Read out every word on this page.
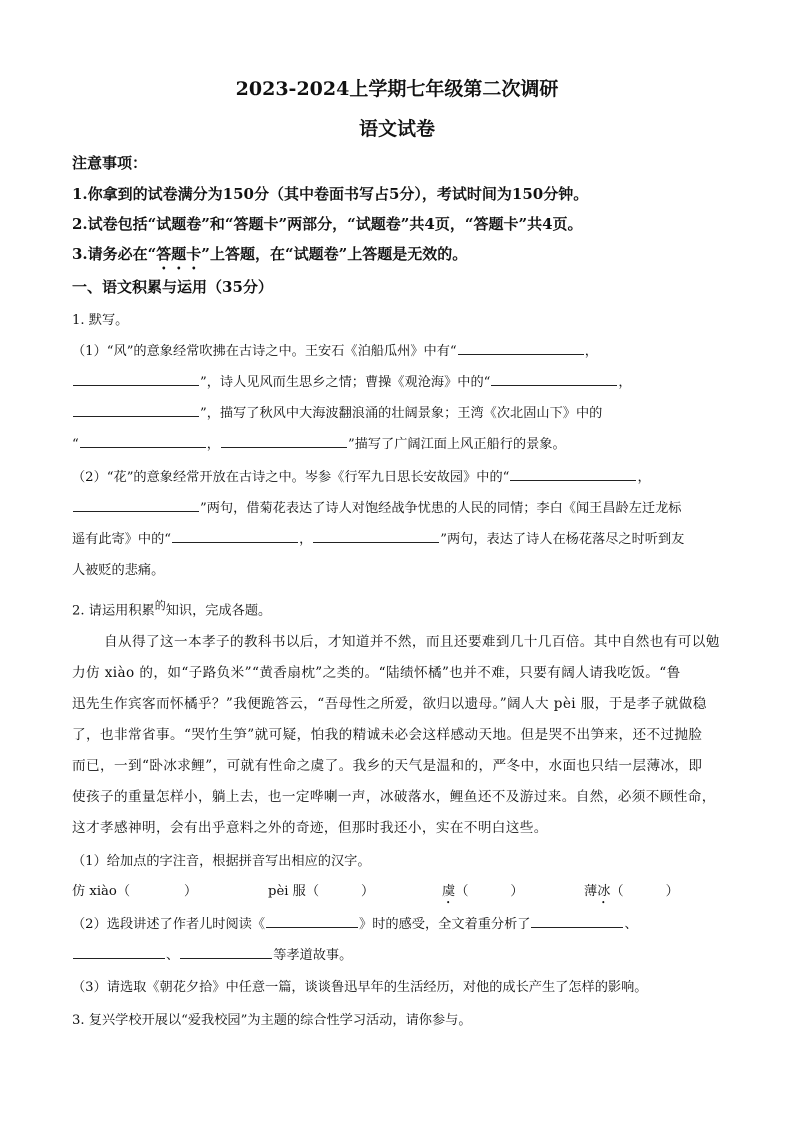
2023-2024上学期七年级第二次调研
语文试卷
注意事项：
1.你拿到的试卷满分为150分（其中卷面书写占5分），考试时间为150分钟。
2.试卷包括“试题卷”和“答题卡”两部分，“试题卷”共4页，“答题卡”共4页。
3.请务必在“答题卡”上答题，在“试题卷”上答题是无效的。
一、语文积累与运用（35分）
1. 默写。
（1）“风”的意象经常吹拂在古诗之中。王安石《泊船瓜州》中有“	，
”，诗人见风而生思乡之情；曹操《观沧海》中的“	，
”，描写了秋风中大海波翻浪涌的壮阔景象；王湾《次北固山下》中的
“	，	”描写了广阔江面上风正船行的景象。
（2）“花”的意象经常开放在古诗之中。岑参《行军九日思长安故园》中的“	，
”两句，借菊花表达了诗人对饱经战争忧患的人民的同情；李白《闻王昌龄左迁龙标
遥有此寄》中的“	，	”两句，表达了诗人在杨花落尽之时听到友
人被贬的悲痛。
2. 请运用积累$^的$知识，完成各题。
自从得了这一本孝子的教科书以后，才知道并不然，而且还要难到几十几百倍。其中自然也有可以勉
力仿 xiào 的，如“子路负米”“黄香扇枕”之类的。“陆绩怀橘”也并不难，只要有阔人请我吃饭。“鲁
迅先生作宾客而怀橘乎？”我便跪答云，“吾母性之所爱，欲归以遗母。”阔人大 pèi 服，于是孝子就做稳
了，也非常省事。“哭竹生笋”就可疑，怕我的精诚未必会这样感动天地。但是哭不出笋来，还不过抛脸
而已，一到“卧冰求鲤”，可就有性命之虞了。我乡的天气是温和的，严冬中，水面也只结一层薄冰，即
使孩子的重量怎样小，躺上去，也一定哗喇一声，冰破落水，鲤鱼还不及游过来。自然，必须不顾性命，
这才孝感神明，会有出乎意料之外的奇迹，但那时我还小，实在不明白这些。
（1）给加点的字注音，根据拼音写出相应的汉字。
仿 xiào（	）	pèi 服（	）	虞（	）	薄冰（	）
（2）选段讲述了作者儿时阅读《	》时的感受，全文着重分析了	、
、	等孝道故事。
（3）请选取《朝花夕拾》中任意一篇，谈谈鲁迅早年的生活经历，对他的成长产生了怎样的影响。
3. 复兴学校开展以“爱我校园”为主题的综合性学习活动，请你参与。
